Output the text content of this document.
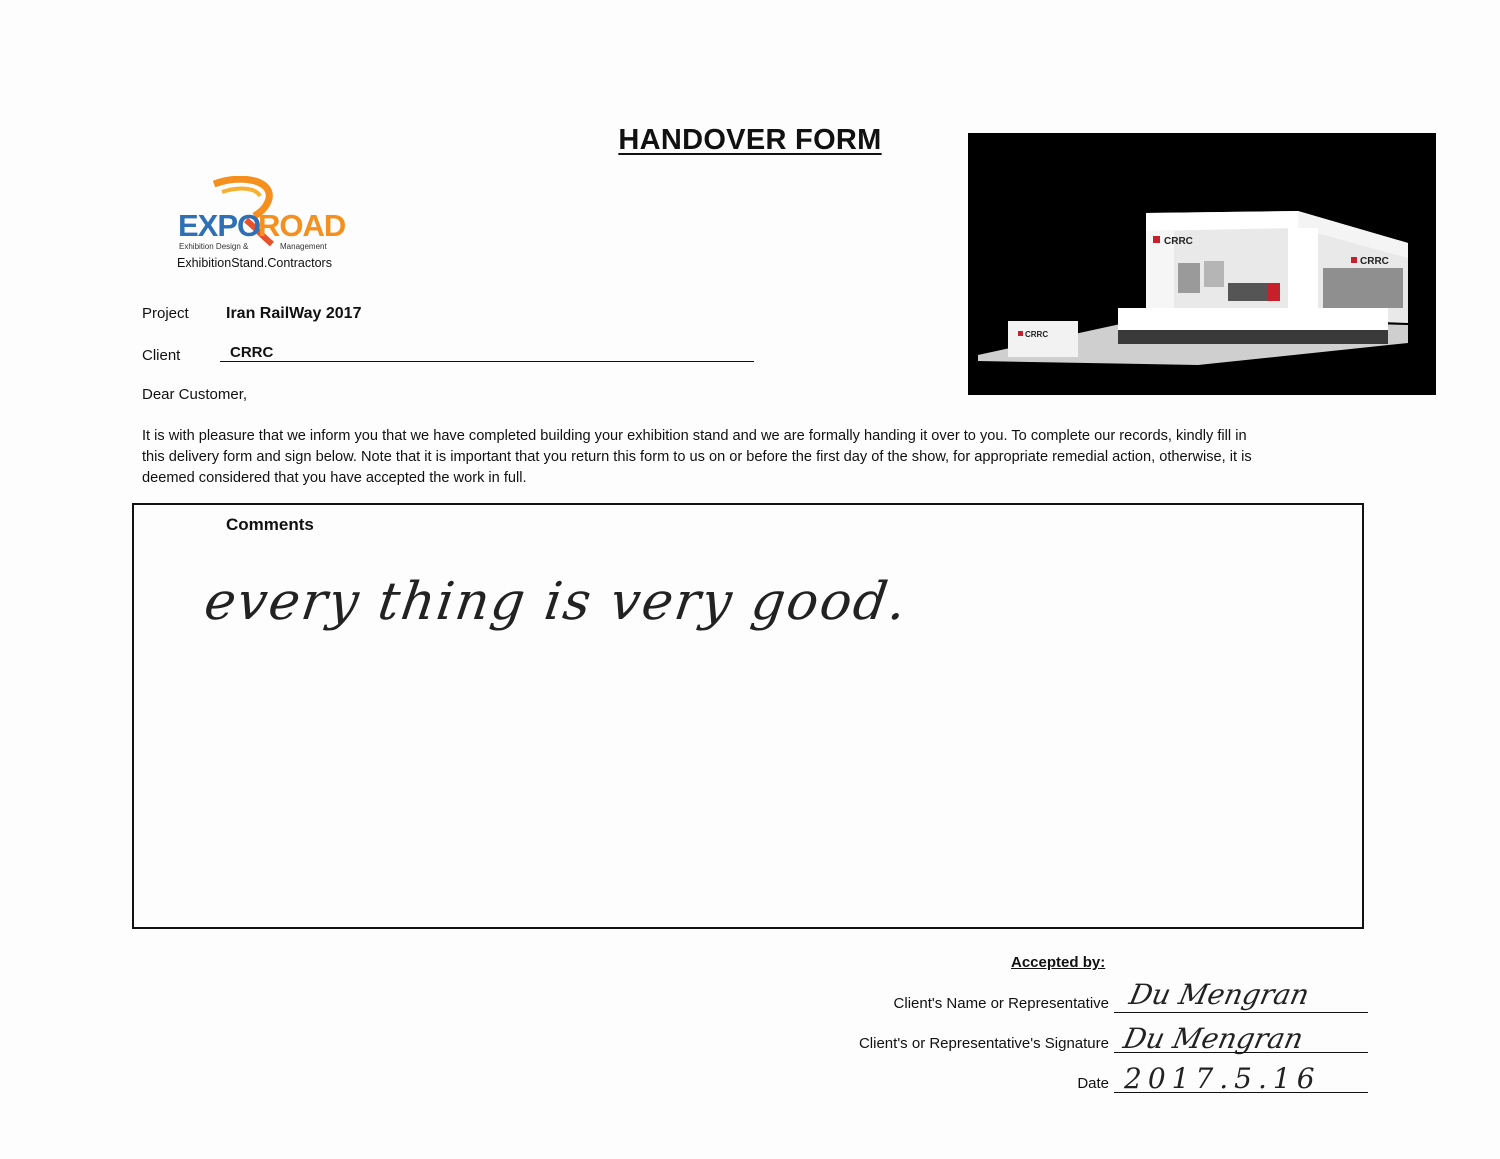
HANDOVER FORM
EXPO
ROAD
Exhibition Design &	Management
ExhibitionStand.Contractors
Project Iran RailWay 2017
Client	CRRC
CRRC
CRRC
CRRC
Dear Customer,
It is with pleasure that we inform you that we have completed building your exhibition stand and we are formally handing it over to you. To complete our records, kindly fill in this delivery form and sign below. Note that it is important that you return this form to us on or before the first day of the show, for appropriate remedial action, otherwise, it is deemed considered that you have accepted the work in full.
Comments
every thing is very good.
Accepted by:
Client's Name or Representative Du Mengran
Client's or Representative's Signature Du Mengran
Date 2017.5.16
